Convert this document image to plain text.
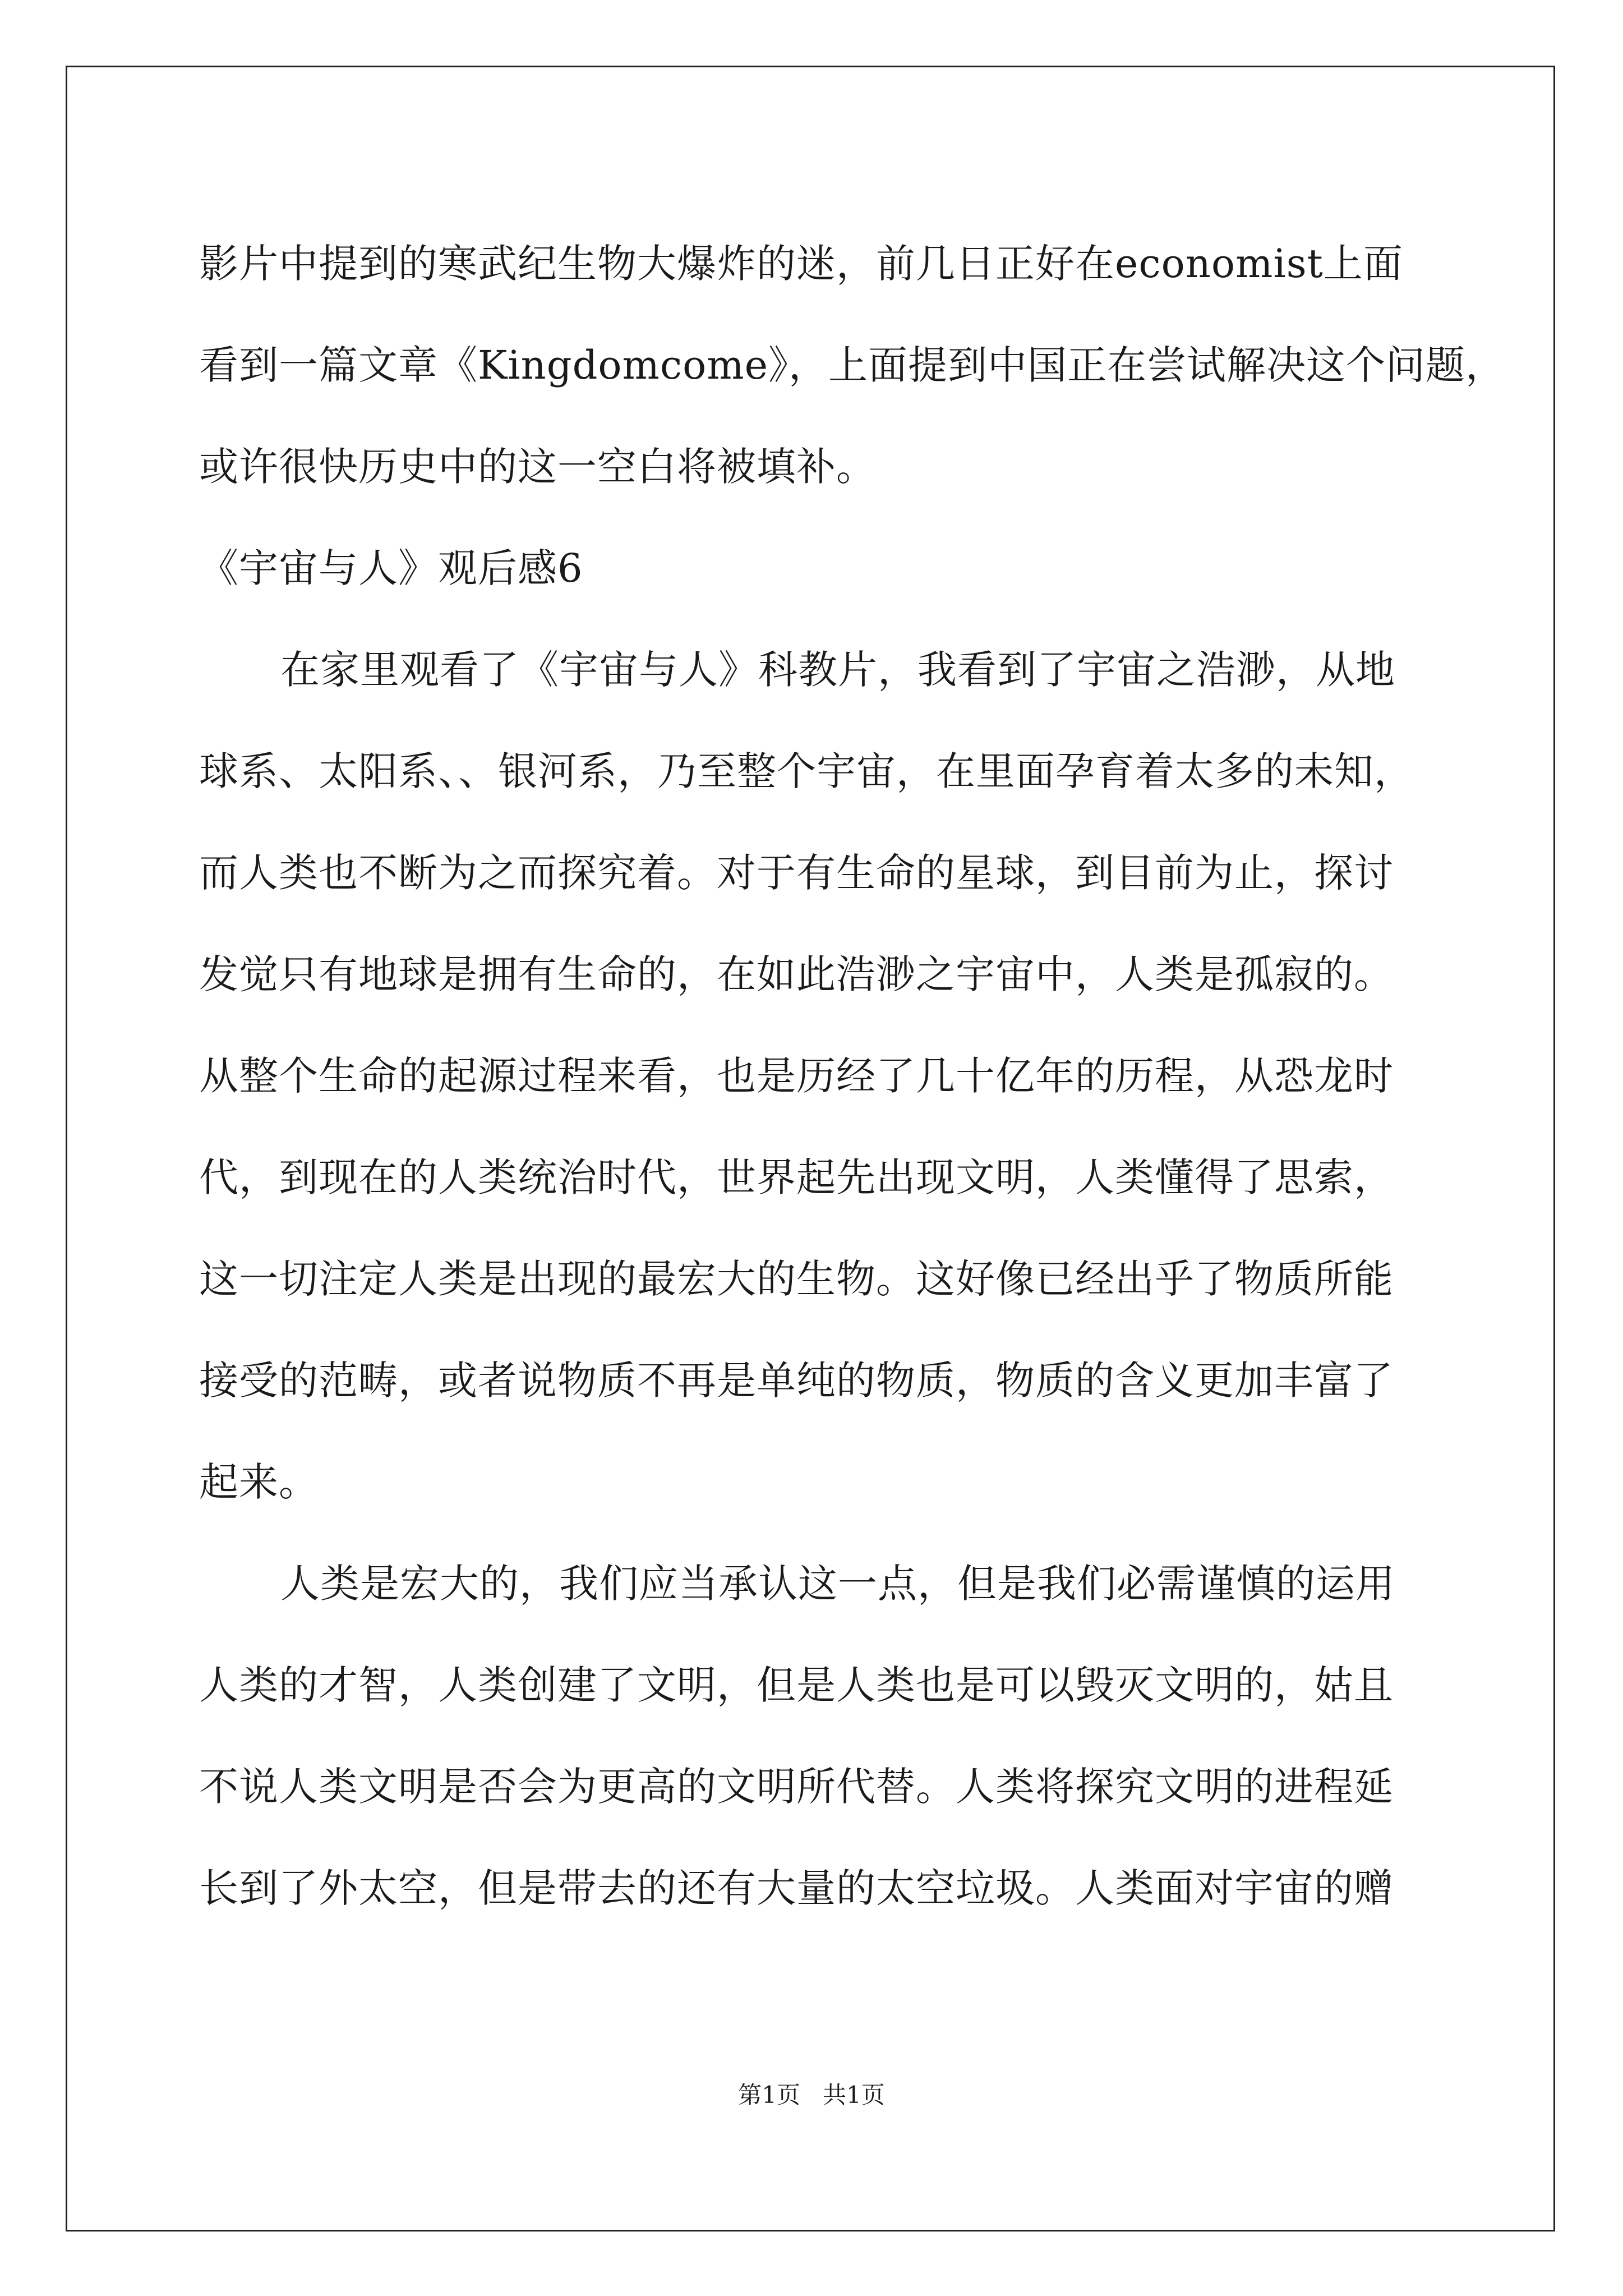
影片中提到的寒武纪生物大爆炸的迷，前几日正好在economist上面
看到一篇文章《Kingdomcome》，上面提到中国正在尝试解决这个问题，
或许很快历史中的这一空白将被填补。
《宇宙与人》观后感6
在家里观看了《宇宙与人》科教片，我看到了宇宙之浩渺，从地
球系、太阳系、、银河系，乃至整个宇宙，在里面孕育着太多的未知，
而人类也不断为之而探究着。对于有生命的星球，到目前为止，探讨
发觉只有地球是拥有生命的，在如此浩渺之宇宙中，人类是孤寂的。
从整个生命的起源过程来看，也是历经了几十亿年的历程，从恐龙时
代，到现在的人类统治时代，世界起先出现文明，人类懂得了思索，
这一切注定人类是出现的最宏大的生物。这好像已经出乎了物质所能
接受的范畴，或者说物质不再是单纯的物质，物质的含义更加丰富了
起来。
人类是宏大的，我们应当承认这一点，但是我们必需谨慎的运用
人类的才智，人类创建了文明，但是人类也是可以毁灭文明的，姑且
不说人类文明是否会为更高的文明所代替。人类将探究文明的进程延
长到了外太空，但是带去的还有大量的太空垃圾。人类面对宇宙的赠
第1页   共1页
